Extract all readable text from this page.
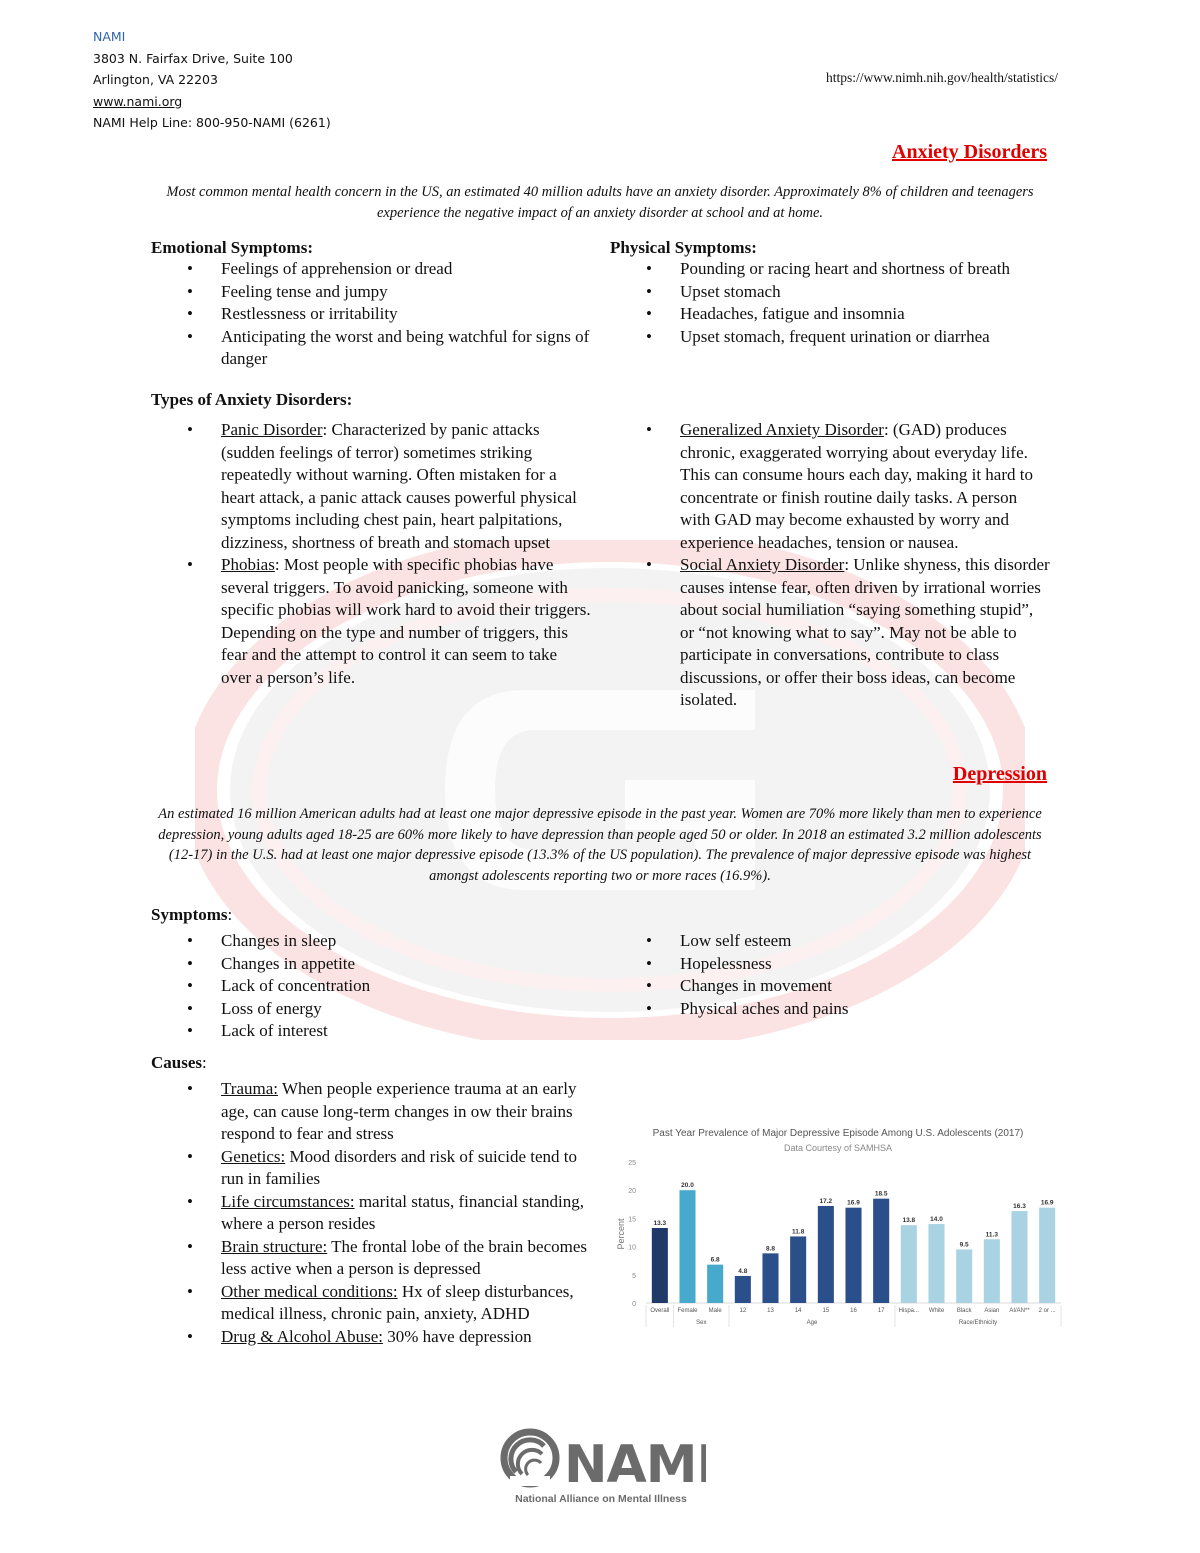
NAMI
3803 N. Fairfax Drive, Suite 100
Arlington, VA 22203
www.nami.org
NAMI Help Line: 800-950-NAMI (6261)
https://www.nimh.nih.gov/health/statistics/
Anxiety Disorders
Most common mental health concern in the US, an estimated 40 million adults have an anxiety disorder. Approximately 8% of children and teenagers experience the negative impact of an anxiety disorder at school and at home.
Emotional Symptoms:
• Feelings of apprehension or dread
• Feeling tense and jumpy
• Restlessness or irritability
• Anticipating the worst and being watchful for signs of danger
Physical Symptoms:
• Pounding or racing heart and shortness of breath
• Upset stomach
• Headaches, fatigue and insomnia
• Upset stomach, frequent urination or diarrhea
Types of Anxiety Disorders:
• Panic Disorder: Characterized by panic attacks (sudden feelings of terror) sometimes striking repeatedly without warning. Often mistaken for a heart attack, a panic attack causes powerful physical symptoms including chest pain, heart palpitations, dizziness, shortness of breath and stomach upset
• Phobias: Most people with specific phobias have several triggers. To avoid panicking, someone with specific phobias will work hard to avoid their triggers. Depending on the type and number of triggers, this fear and the attempt to control it can seem to take over a person’s life.
• Generalized Anxiety Disorder: (GAD) produces chronic, exaggerated worrying about everyday life. This can consume hours each day, making it hard to concentrate or finish routine daily tasks. A person with GAD may become exhausted by worry and experience headaches, tension or nausea.
• Social Anxiety Disorder: Unlike shyness, this disorder causes intense fear, often driven by irrational worries about social humiliation “saying something stupid”, or “not knowing what to say”. May not be able to participate in conversations, contribute to class discussions, or offer their boss ideas, can become isolated.
Depression
An estimated 16 million American adults had at least one major depressive episode in the past year. Women are 70% more likely than men to experience depression, young adults aged 18-25 are 60% more likely to have depression than people aged 50 or older. In 2018 an estimated 3.2 million adolescents (12-17) in the U.S. had at least one major depressive episode (13.3% of the US population). The prevalence of major depressive episode was highest amongst adolescents reporting two or more races (16.9%).
Symptoms:
• Changes in sleep
• Changes in appetite
• Lack of concentration
• Loss of energy
• Lack of interest
• Low self esteem
• Hopelessness
• Changes in movement
• Physical aches and pains
Causes:
• Trauma: When people experience trauma at an early age, can cause long-term changes in ow their brains respond to fear and stress
• Genetics: Mood disorders and risk of suicide tend to run in families
• Life circumstances: marital status, financial standing, where a person resides
• Brain structure: The frontal lobe of the brain becomes less active when a person is depressed
• Other medical conditions: Hx of sleep disturbances, medical illness, chronic pain, anxiety, ADHD
• Drug & Alcohol Abuse: 30% have depression
Past Year Prevalence of Major Depressive Episode Among U.S. Adolescents (2017)
Data Courtesy of SAMHSA
Percent
0
5
10
15
20
25
13.3
Overall
20.0
Female
6.8
Male
4.8
12
8.8
13
11.8
14
17.2
15
16.9
16
18.5
17
13.8
Hispa...
14.0
White
9.5
Black
11.3
Asian
16.3
AI/AN**
16.9
2 or ...
Sex	Age	Race/Ethnicity
NAMI
National Alliance on Mental Illness
